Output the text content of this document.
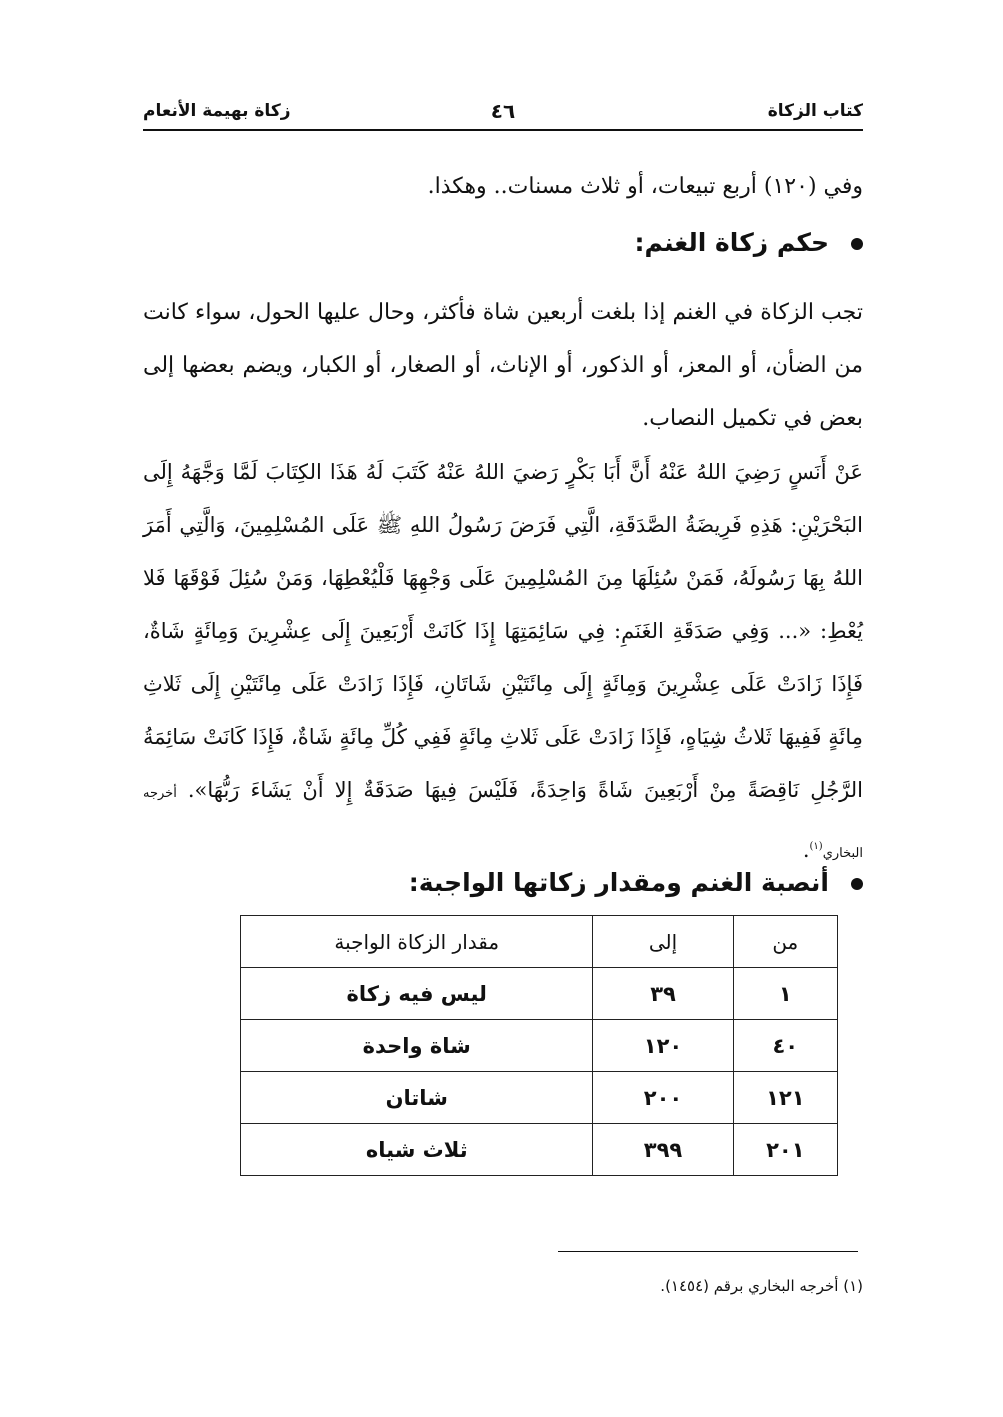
كتاب الزكاة
٤٦
زكاة بهيمة الأنعام

وفي (١٢٠) أربع تبيعات، أو ثلاث مسنات.. وهكذا.

حكم زكاة الغنم:

تجب الزكاة في الغنم إذا بلغت أربعين شاة فأكثر، وحال عليها الحول، سواء كانت من الضأن، أو المعز، أو الذكور، أو الإناث، أو الصغار، أو الكبار، ويضم بعضها إلى بعض في تكميل النصاب.

عَنْ أَنَسٍ رَضِيَ اللهُ عَنْهُ أَنَّ أَبَا بَكْرٍ رَضيَ اللهُ عَنْهُ كَتَبَ لَهُ هَذَا الكِتَابَ لَمَّا وَجَّهَهُ إِلَى البَحْرَيْنِ: هَذِهِ فَرِيضَةُ الصَّدَقَةِ، الَّتِي فَرَضَ رَسُولُ اللهِ ﷺ عَلَى المُسْلِمِينَ، وَالَّتِي أَمَرَ اللهُ بِهَا رَسُولَهُ، فَمَنْ سُئِلَهَا مِنَ المُسْلِمِينَ عَلَى وَجْهِهَا فَلْيُعْطِهَا، وَمَنْ سُئِلَ فَوْقَهَا فَلا يُعْطِ: «... وَفِي صَدَقَةِ الغَنَمِ: فِي سَائِمَتِهَا إِذَا كَانَتْ أَرْبَعِينَ إِلَى عِشْرِينَ وَمِائَةٍ شَاةٌ، فَإِذَا زَادَتْ عَلَى عِشْرِينَ وَمِائَةٍ إِلَى مِائَتَيْنِ شَاتَانِ، فَإِذَا زَادَتْ عَلَى مِائَتَيْنِ إِلَى ثَلاثِ مِائَةٍ فَفِيهَا ثَلاثُ شِيَاهٍ، فَإِذَا زَادَتْ عَلَى ثَلاثِ مِائَةٍ فَفِي كُلِّ مِائَةٍ شَاةٌ، فَإِذَا كَانَتْ سَائِمَةُ الرَّجُلِ نَاقِصَةً مِنْ أَرْبَعِينَ شَاةً وَاحِدَةً، فَلَيْسَ فِيهَا صَدَقَةٌ إِلا أَنْ يَشَاءَ رَبُّهَا». أخرجه البخاري$^{(١)}$.

أنصبة الغنم ومقدار زكاتها الواجبة:
من	إلى	مقدار الزكاة الواجبة
١	٣٩	ليس فيه زكاة
٤٠	١٢٠	شاة واحدة
١٢١	٢٠٠	شاتان
٢٠١	٣٩٩	ثلاث شياه

(١) أخرجه البخاري برقم (١٤٥٤).
